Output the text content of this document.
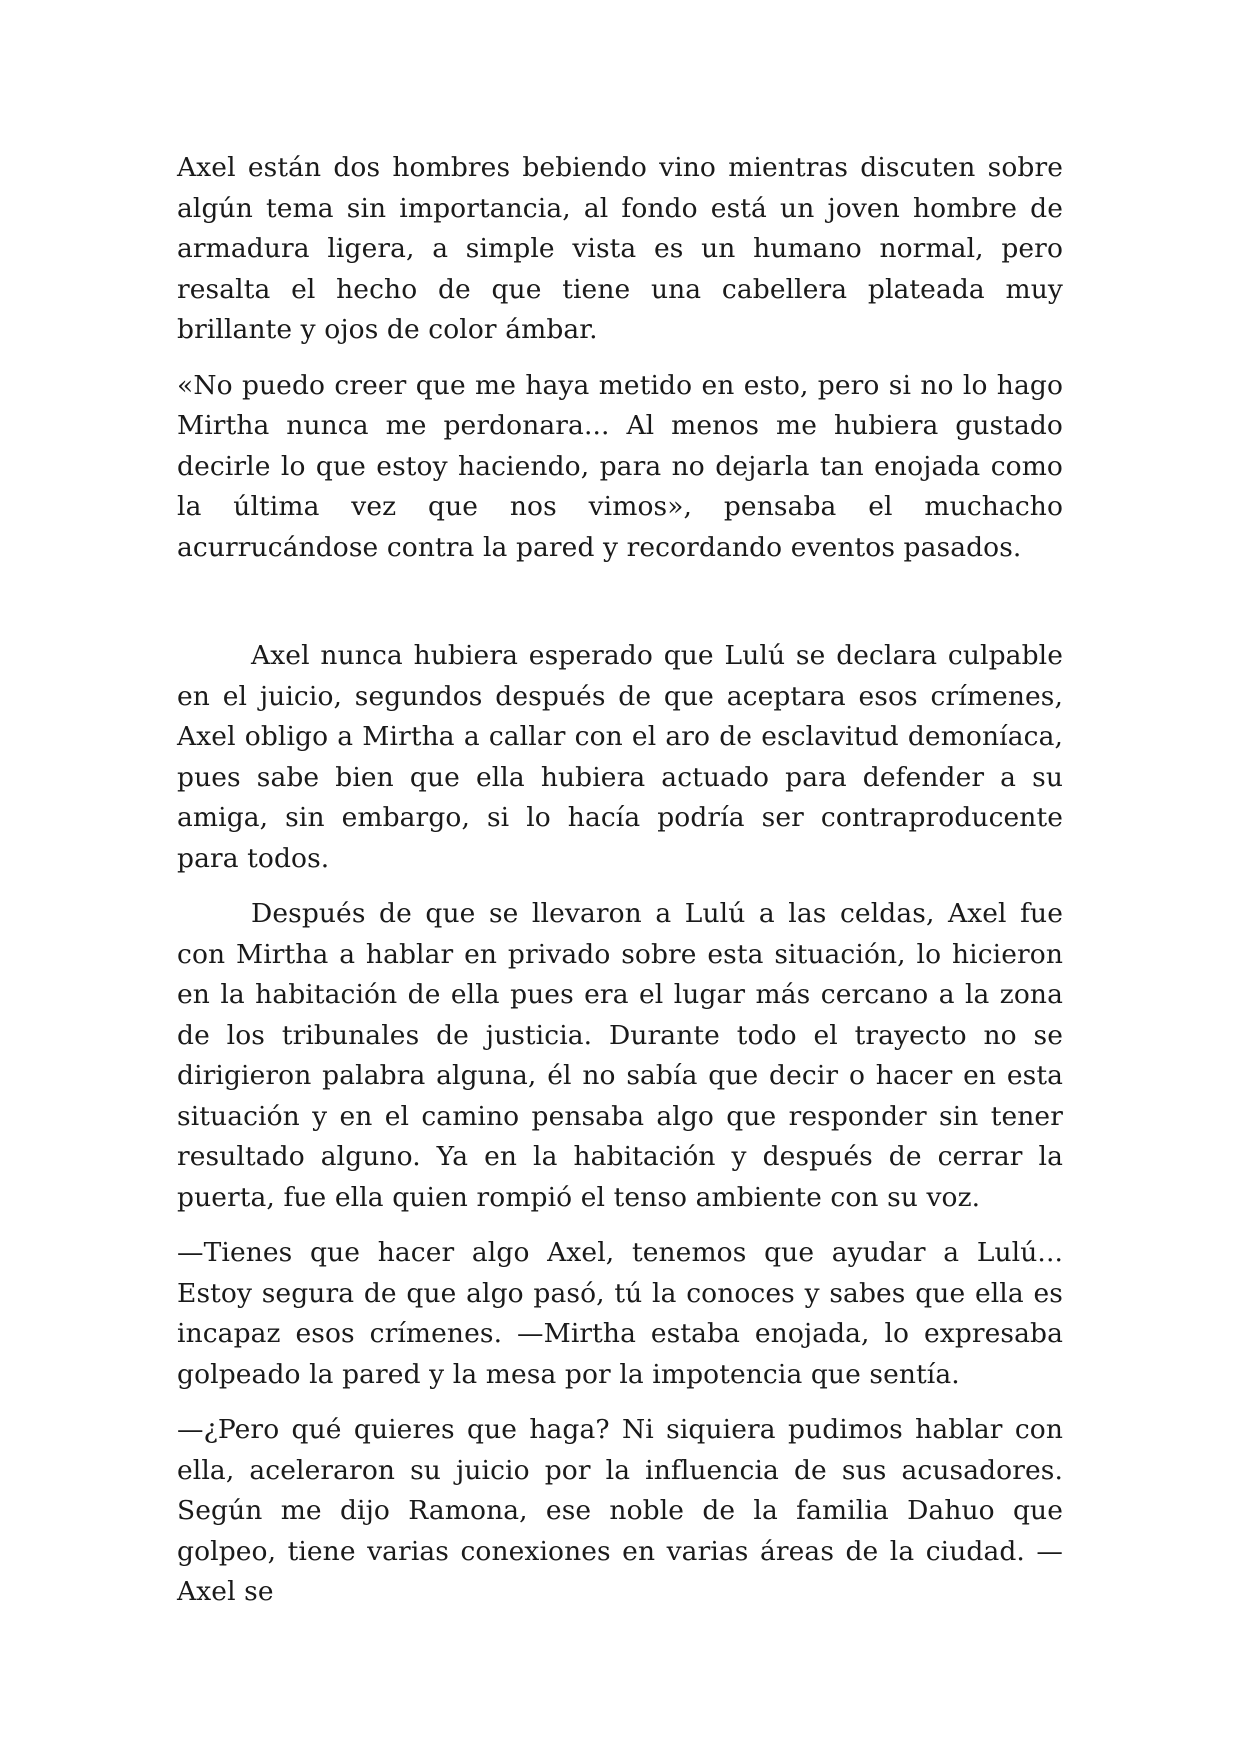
Axel están dos hombres bebiendo vino mientras discuten sobre algún tema sin importancia, al fondo está un joven hombre de armadura ligera, a simple vista es un humano normal, pero resalta el hecho de que tiene una cabellera plateada muy brillante y ojos de color ámbar.

«No puedo creer que me haya metido en esto, pero si no lo hago Mirtha nunca me perdonara... Al menos me hubiera gustado decirle lo que estoy haciendo, para no dejarla tan enojada como la última vez que nos vimos», pensaba el muchacho acurrucándose contra la pared y recordando eventos pasados.

Axel nunca hubiera esperado que Lulú se declara culpable en el juicio, segundos después de que aceptara esos crímenes, Axel obligo a Mirtha a callar con el aro de esclavitud demoníaca, pues sabe bien que ella hubiera actuado para defender a su amiga, sin embargo, si lo hacía podría ser contraproducente para todos.

Después de que se llevaron a Lulú a las celdas, Axel fue con Mirtha a hablar en privado sobre esta situación, lo hicieron en la habitación de ella pues era el lugar más cercano a la zona de los tribunales de justicia. Durante todo el trayecto no se dirigieron palabra alguna, él no sabía que decir o hacer en esta situación y en el camino pensaba algo que responder sin tener resultado alguno. Ya en la habitación y después de cerrar la puerta, fue ella quien rompió el tenso ambiente con su voz.

—Tienes que hacer algo Axel, tenemos que ayudar a Lulú... Estoy segura de que algo pasó, tú la conoces y sabes que ella es incapaz esos crímenes. —Mirtha estaba enojada, lo expresaba golpeado la pared y la mesa por la impotencia que sentía.

—¿Pero qué quieres que haga? Ni siquiera pudimos hablar con ella, aceleraron su juicio por la influencia de sus acusadores. Según me dijo Ramona, ese noble de la familia Dahuo que golpeo, tiene varias conexiones en varias áreas de la ciudad. —Axel se
